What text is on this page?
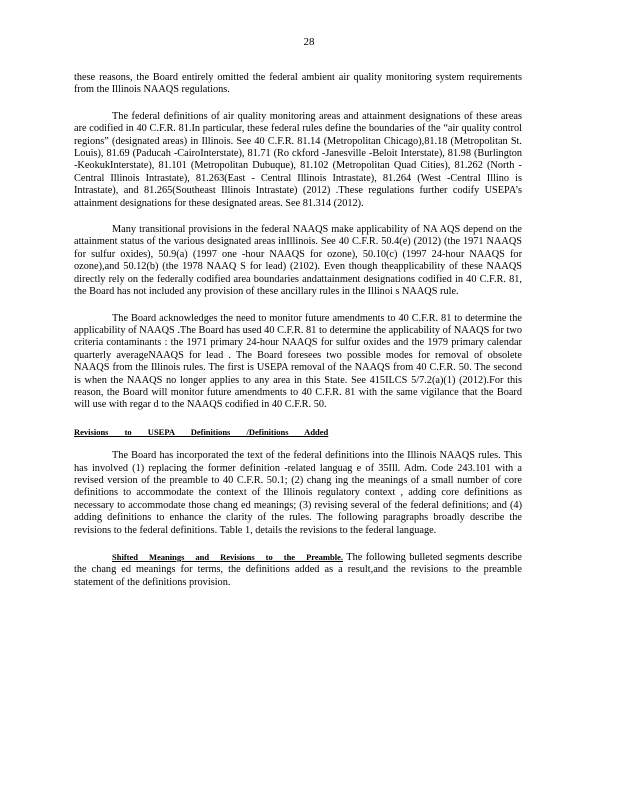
28

these reasons, the Board entirely omitted the federal ambient air quality monitoring system requirements from the Illinois NAAQS regulations.

The federal definitions of air quality monitoring areas and attainment designations of these areas are codified in 40 C.F.R. 81.In particular, these federal rules define the boundaries of the “air quality control regions” (designated areas) in Illinois. See 40 C.F.R. 81.14 (Metropolitan Chicago),81.18 (Metropolitan St. Louis), 81.69 (Paducah -CairoInterstate), 81.71 (Ro ckford -Janesville -Beloit Interstate), 81.98 (Burlington -KeokukInterstate), 81.101 (Metropolitan Dubuque), 81.102 (Metropolitan Quad Cities), 81.262 (North -Central Illinois Intrastate), 81.263(East - Central Illinois Intrastate), 81.264 (West -Central Illino is Intrastate), and 81.265(Southeast Illinois Intrastate) (2012) .These regulations further codify USEPA’s attainment designations for these designated areas. See 81.314 (2012).

Many transitional provisions in the federal NAAQS make applicability of NA AQS depend on the attainment status of the various designated areas inIllinois. See 40 C.F.R. 50.4(e) (2012) (the 1971 NAAQS for sulfur oxides), 50.9(a) (1997 one -hour NAAQS for ozone), 50.10(c) (1997 24-hour NAAQS for ozone),and 50.12(b) (the 1978 NAAQ S for lead) (2102). Even though theapplicability of these NAAQS directly rely on the federally codified area boundaries andattainment designations codified in 40 C.F.R. 81, the Board has not included any provision of these ancillary rules in the Illinoi s NAAQS rule.

The Board acknowledges the need to monitor future amendments to 40 C.F.R. 81 to determine the applicability of NAAQS .The Board has used 40 C.F.R. 81 to determine the applicability of NAAQS for two criteria contaminants : the 1971 primary 24-hour NAAQS for sulfur oxides and the 1979 primary calendar quarterly averageNAAQS for lead . The Board foresees two possible modes for removal of obsolete NAAQS from the Illinois rules. The first is USEPA removal of the NAAQS from 40 C.F.R. 50. The second is when the NAAQS no longer applies to any area in this State. See 415ILCS 5/7.2(a)(1) (2012).For this reason, the Board will monitor future amendments to 40 C.F.R. 81 with the same vigilance that the Board will use with regar d to the NAAQS codified in 40 C.F.R. 50.

Revisions to USEPA Definitions /Definitions Added

The Board has incorporated the text of the federal definitions into the Illinois NAAQS rules. This has involved (1) replacing the former definition -related languag e of 35Ill. Adm. Code 243.101 with a revised version of the preamble to 40 C.F.R. 50.1; (2) chang ing the meanings of a small number of core definitions to accommodate the context of the Illinois regulatory context , adding core definitions as necessary to accommodate those chang ed meanings; (3) revising several of the federal definitions; and (4) adding definitions to enhance the clarity of the rules. The following paragraphs broadly describe the revisions to the federal definitions. Table 1, details the revisions to the federal language.

Shifted Meanings and Revisions to the Preamble. The following bulleted segments describe the chang ed meanings for terms, the definitions added as a result,and the revisions to the preamble statement of the definitions provision.
